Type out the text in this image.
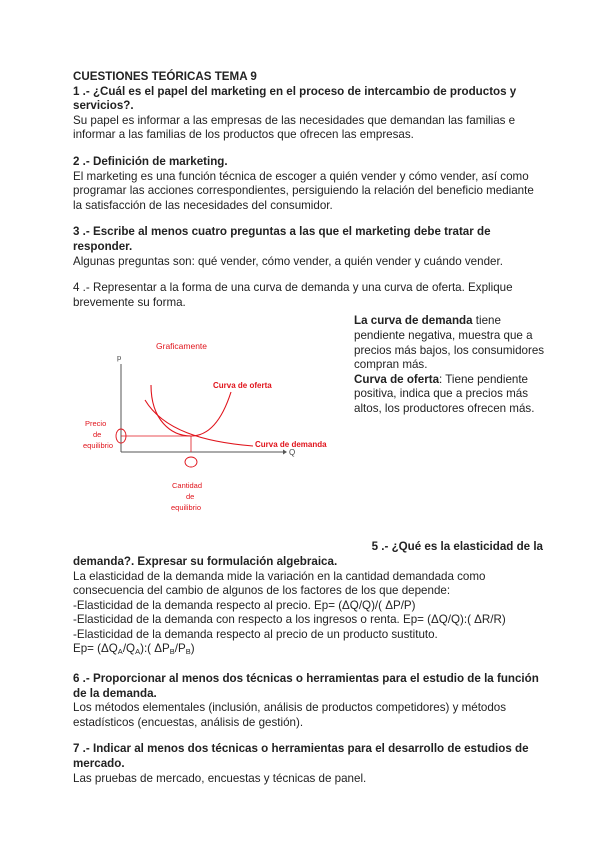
CUESTIONES TEÓRICAS TEMA 9

1 .- ¿Cuál es el papel del marketing en el proceso de intercambio de productos y servicios?.

Su papel es informar a las empresas de las necesidades que demandan las familias e informar a las familias de los productos que ofrecen las empresas.

2 .- Definición de marketing.

El marketing es una función técnica de escoger a quién vender y cómo vender, así como programar las acciones correspondientes, persiguiendo la relación del beneficio mediante la satisfacción de las necesidades del consumidor.

3 .- Escribe al menos cuatro preguntas a las que el marketing debe tratar de responder.

Algunas preguntas son: qué vender, cómo vender, a quién vender y cuándo vender.

4 .- Representar a la forma de una curva de demanda y una curva de oferta. Explique brevemente su forma.

Graficamente
p
Q
Curva de oferta
Curva de demanda
Precio
de
equilibrio
Cantidad
de
equilibrio

La curva de demanda tiene pendiente negativa, muestra que a precios más bajos, los consumidores compran más.

Curva de oferta: Tiene pendiente positiva, indica que a precios más altos, los productores ofrecen más.

5 .- ¿Qué es la elasticidad de la

demanda?. Expresar su formulación algebraica.

La elasticidad de la demanda mide la variación en la cantidad demandada como consecuencia del cambio de algunos de los factores de los que depende:

-Elasticidad de la demanda respecto al precio. Ep= (ΔQ/Q)/( ΔP/P)

-Elasticidad de la demanda con respecto a los ingresos o renta. Ep= (ΔQ/Q):( ΔR/R)

-Elasticidad de la demanda respecto al precio de un producto sustituto.

$Ep= (\Delta Q_A/Q_A)$:( $\Delta P_B/P_B$)

6 .- Proporcionar al menos dos técnicas o herramientas para el estudio de la función de la demanda.

Los métodos elementales (inclusión, análisis de productos competidores) y métodos estadísticos (encuestas, análisis de gestión).

7 .- Indicar al menos dos técnicas o herramientas para el desarrollo de estudios de mercado.

Las pruebas de mercado, encuestas y técnicas de panel.
